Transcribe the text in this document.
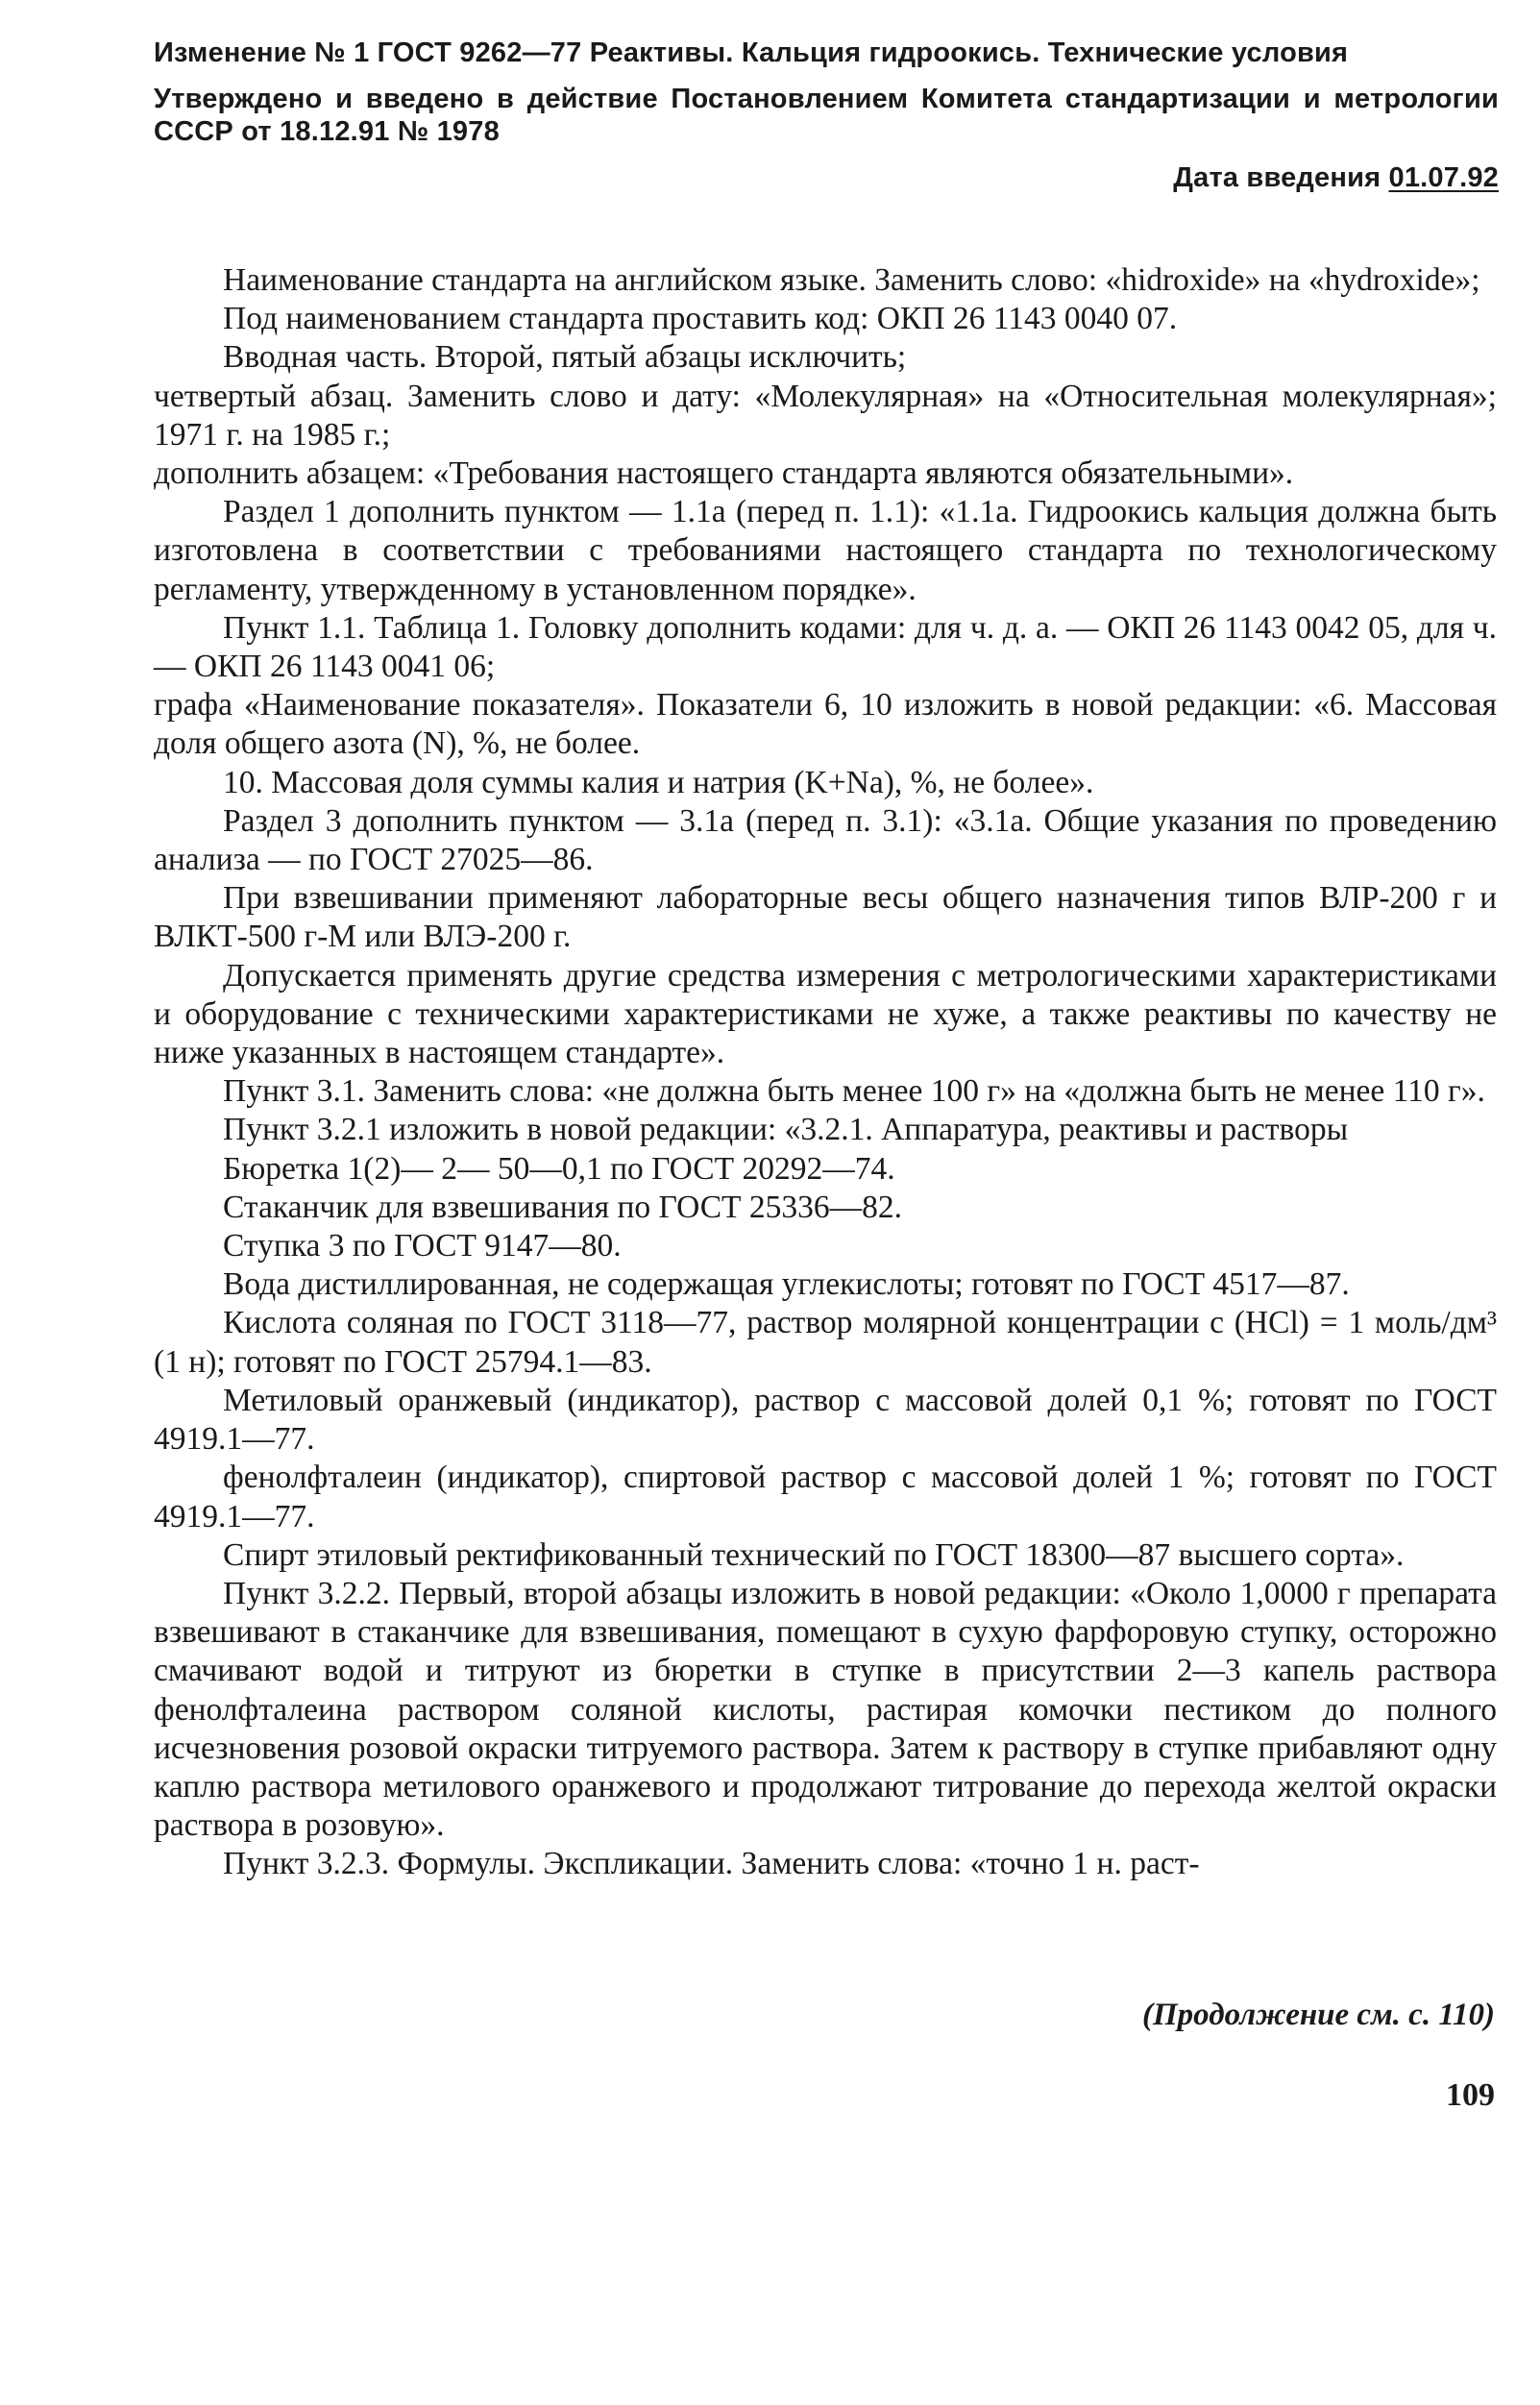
Изменение № 1 ГОСТ 9262—77 Реактивы. Кальция гидроокись. Технические условия

Утверждено и введено в действие Постановлением Комитета стандартизации и метрологии СССР от 18.12.91 № 1978

Дата введения 01.07.92

Наименование стандарта на английском языке. Заменить слово: «hidroxide» на «hydroxide»;

Под наименованием стандарта проставить код: ОКП 26 1143 0040 07.

Вводная часть. Второй, пятый абзацы исключить;

четвертый абзац. Заменить слово и дату: «Молекулярная» на «Относительная молекулярная»; 1971 г. на 1985 г.;

дополнить абзацем: «Требования настоящего стандарта являются обязательными».

Раздел 1 дополнить пунктом — 1.1а (перед п. 1.1): «1.1а. Гидроокись кальция должна быть изготовлена в соответствии с требованиями настоящего стандарта по технологическому регламенту, утвержденному в установленном порядке».

Пункт 1.1. Таблица 1. Головку дополнить кодами: для ч. д. а. — ОКП 26 1143 0042 05, для ч. — ОКП 26 1143 0041 06;

графа «Наименование показателя». Показатели 6, 10 изложить в новой редакции: «6. Массовая доля общего азота (N), %, не более.

10. Массовая доля суммы калия и натрия (K+Na), %, не более».

Раздел 3 дополнить пунктом — 3.1а (перед п. 3.1): «3.1а. Общие указания по проведению анализа — по ГОСТ 27025—86.

При взвешивании применяют лабораторные весы общего назначения типов ВЛР-200 г и ВЛКТ-500 г-М или ВЛЭ-200 г.

Допускается применять другие средства измерения с метрологическими характеристиками и оборудование с техническими характеристиками не хуже, а также реактивы по качеству не ниже указанных в настоящем стандарте».

Пункт 3.1. Заменить слова: «не должна быть менее 100 г» на «должна быть не менее 110 г».

Пункт 3.2.1 изложить в новой редакции: «3.2.1. Аппаратура, реактивы и растворы

Бюретка 1(2)— 2— 50—0,1 по ГОСТ 20292—74.

Стаканчик для взвешивания по ГОСТ 25336—82.

Ступка 3 по ГОСТ 9147—80.

Вода дистиллированная, не содержащая углекислоты; готовят по ГОСТ 4517—87.

Кислота соляная по ГОСТ 3118—77, раствор молярной концентрации с (HCl) = 1 моль/дм³ (1 н); готовят по ГОСТ 25794.1—83.

Метиловый оранжевый (индикатор), раствор с массовой долей 0,1 %; готовят по ГОСТ 4919.1—77.

фенолфталеин (индикатор), спиртовой раствор с массовой долей 1 %; готовят по ГОСТ 4919.1—77.

Спирт этиловый ректификованный технический по ГОСТ 18300—87 высшего сорта».

Пункт 3.2.2. Первый, второй абзацы изложить в новой редакции: «Около 1,0000 г препарата взвешивают в стаканчике для взвешивания, помещают в сухую фарфоровую ступку, осторожно смачивают водой и титруют из бюретки в ступке в присутствии 2—3 капель раствора фенолфталеина раствором соляной кислоты, растирая комочки пестиком до полного исчезновения розовой окраски титруемого раствора. Затем к раствору в ступке прибавляют одну каплю раствора метилового оранжевого и продолжают титрование до перехода желтой окраски раствора в розовую».

Пункт 3.2.3. Формулы. Экспликации. Заменить слова: «точно 1 н. раст-

(Продолжение см. с. 110)
109
